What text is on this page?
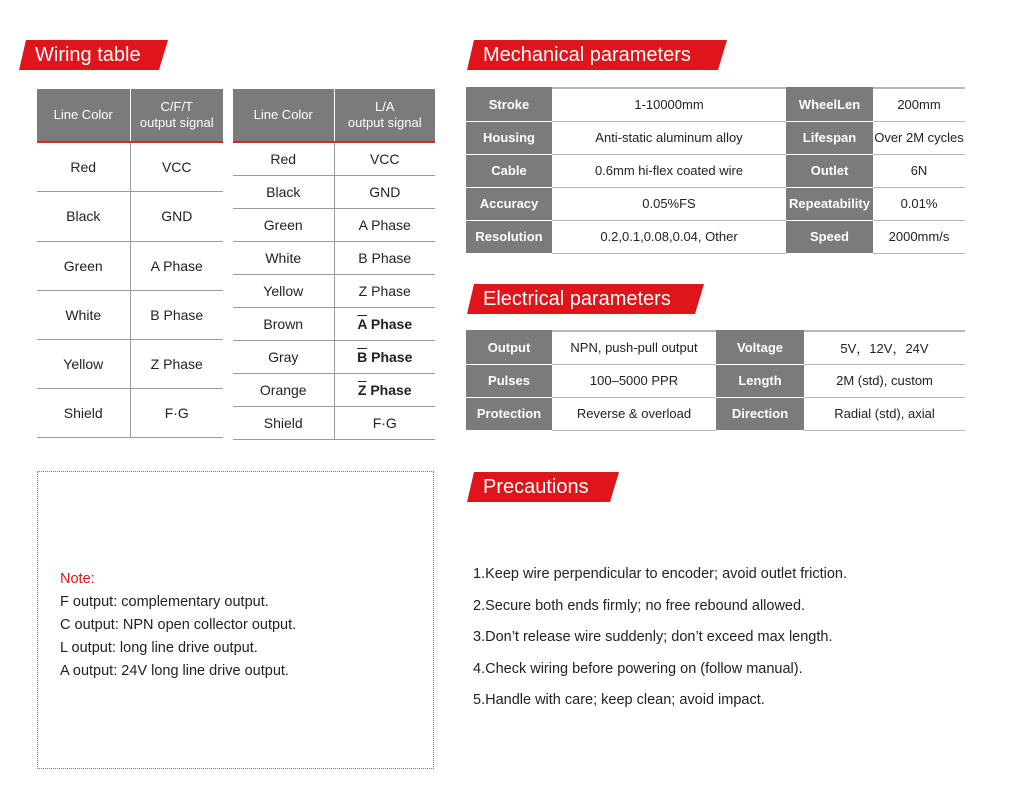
Wiring table	Mechanical parameters
Electrical parameters
Precautions
Line Color	C/F/T
output signal
Red	VCC
Black	GND
Green	A Phase
White	B Phase
Yellow	Z Phase
Shield	F·G
Line Color	L/A
output signal
Red	VCC
Black	GND
Green	A Phase
White	B Phase
Yellow	Z Phase
Brown	$\overline{A}$ Phase
Gray	$\overline{B}$ Phase
Orange	$\overline{Z}$ Phase
Shield	F·G
Stroke	1-10000mm	WheelLen	200mm
Housing	Anti-static aluminum alloy	Lifespan	Over 2M cycles
Cable	0.6mm hi-flex coated wire	Outlet	6N
Accuracy	0.05%FS	Repeatability	0.01%
Resolution	0.2,0.1,0.08,0.04, Other	Speed	2000mm/s
Output	NPN, push-pull output	Voltage	5V，12V，24V
Pulses	100–5000 PPR	Length	2M (std), custom
Protection	Reverse & overload	Direction	Radial (std), axial
Note:
F output: complementary output.
C output: NPN open collector output.
L output: long line drive output.
A output: 24V long line drive output.
1.Keep wire perpendicular to encoder; avoid outlet friction.
2.Secure both ends firmly; no free rebound allowed.
3.Don’t release wire suddenly; don’t exceed max length.
4.Check wiring before powering on (follow manual).
5.Handle with care; keep clean; avoid impact.
